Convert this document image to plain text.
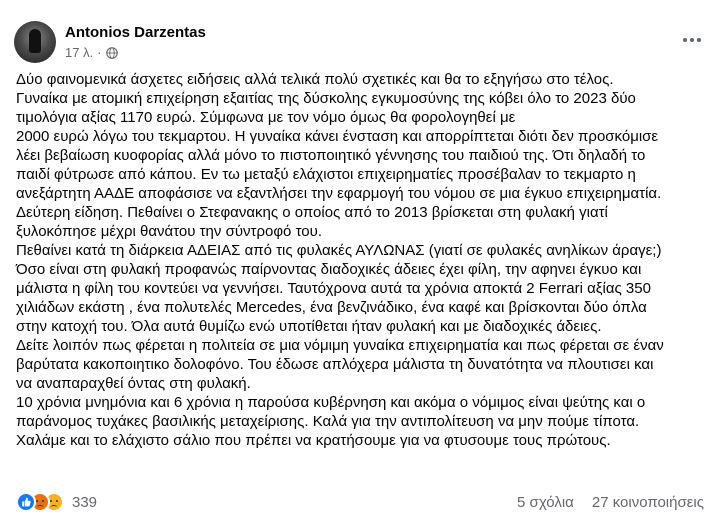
Antonios Darzentas
17 λ. ·

Δύο φαινομενικά άσχετες ειδήσεις αλλά τελικά πολύ σχετικές και θα το εξηγήσω στο τέλος.

Γυναίκα με ατομική επιχείρηση εξαιτίας της δύσκολης εγκυμοσύνης της κόβει όλο το 2023 δύο

τιμολόγια αξίας 1170 ευρώ. Σύμφωνα με τον νόμο όμως θα φορολογηθεί με

2000 ευρώ λόγω του τεκμαρτου. Η γυναίκα κάνει ένσταση και απορρίπτεται διότι δεν προσκόμισε

λέει βεβαίωση κυοφορίας αλλά μόνο το πιστοποιητικό γέννησης του παιδιού της. Ότι δηλαδή το

παιδί φύτρωσε από κάπου. Εν τω μεταξύ ελάχιστοι επιχειρηματίες προσέβαλαν το τεκμαρτο η

ανεξάρτητη ΑΑΔΕ αποφάσισε να εξαντλήσει την εφαρμογή του νόμου σε μια έγκυο επιχειρηματία.

Δεύτερη είδηση. Πεθαίνει ο Στεφανακης ο οποίος από το 2013 βρίσκεται στη φυλακή γιατί

ξυλοκόπησε μέχρι θανάτου την σύντροφό του.

Πεθαίνει κατά τη διάρκεια ΑΔΕΙΑΣ από τις φυλακές ΑΥΛΩΝΑΣ (γιατί σε φυλακές ανηλίκων άραγε;)

Όσο είναι στη φυλακή προφανώς παίρνοντας διαδοχικές άδειες έχει φίλη, την αφηνει έγκυο και

μάλιστα η φίλη του κοντεύει να γεννήσει. Ταυτόχρονα αυτά τα χρόνια αποκτά 2 Ferrari αξίας 350

χιλιάδων εκάστη , ένα πολυτελές Mercedes, ένα βενζινάδικο, ένα καφέ και βρίσκονται δύο όπλα

στην κατοχή του. Όλα αυτά θυμίζω ενώ υποτίθεται ήταν φυλακή και με διαδοχικές άδειες.

Δείτε λοιπόν πως φέρεται η πολιτεία σε μια νόμιμη γυναίκα επιχειρηματία και πως φέρεται σε έναν

βαρύτατα κακοποιητικο δολοφόνο. Του έδωσε απλόχερα μάλιστα τη δυνατότητα να πλουτισει και

να αναπαραχθεί όντας στη φυλακή.

10 χρόνια μνημόνια και 6 χρόνια η παρούσα κυβέρνηση και ακόμα ο νόμιμος είναι ψεύτης και ο

παράνομος τυχάκες βασιλικής μεταχείρισης. Καλά για την αντιπολίτευση να μην πούμε τίποτα.

Χαλάμε και το ελάχιστο σάλιο που πρέπει να κρατήσουμε για να φτυσουμε τους πρώτους.

339	5 σχόλια 27 κοινοποιήσεις
